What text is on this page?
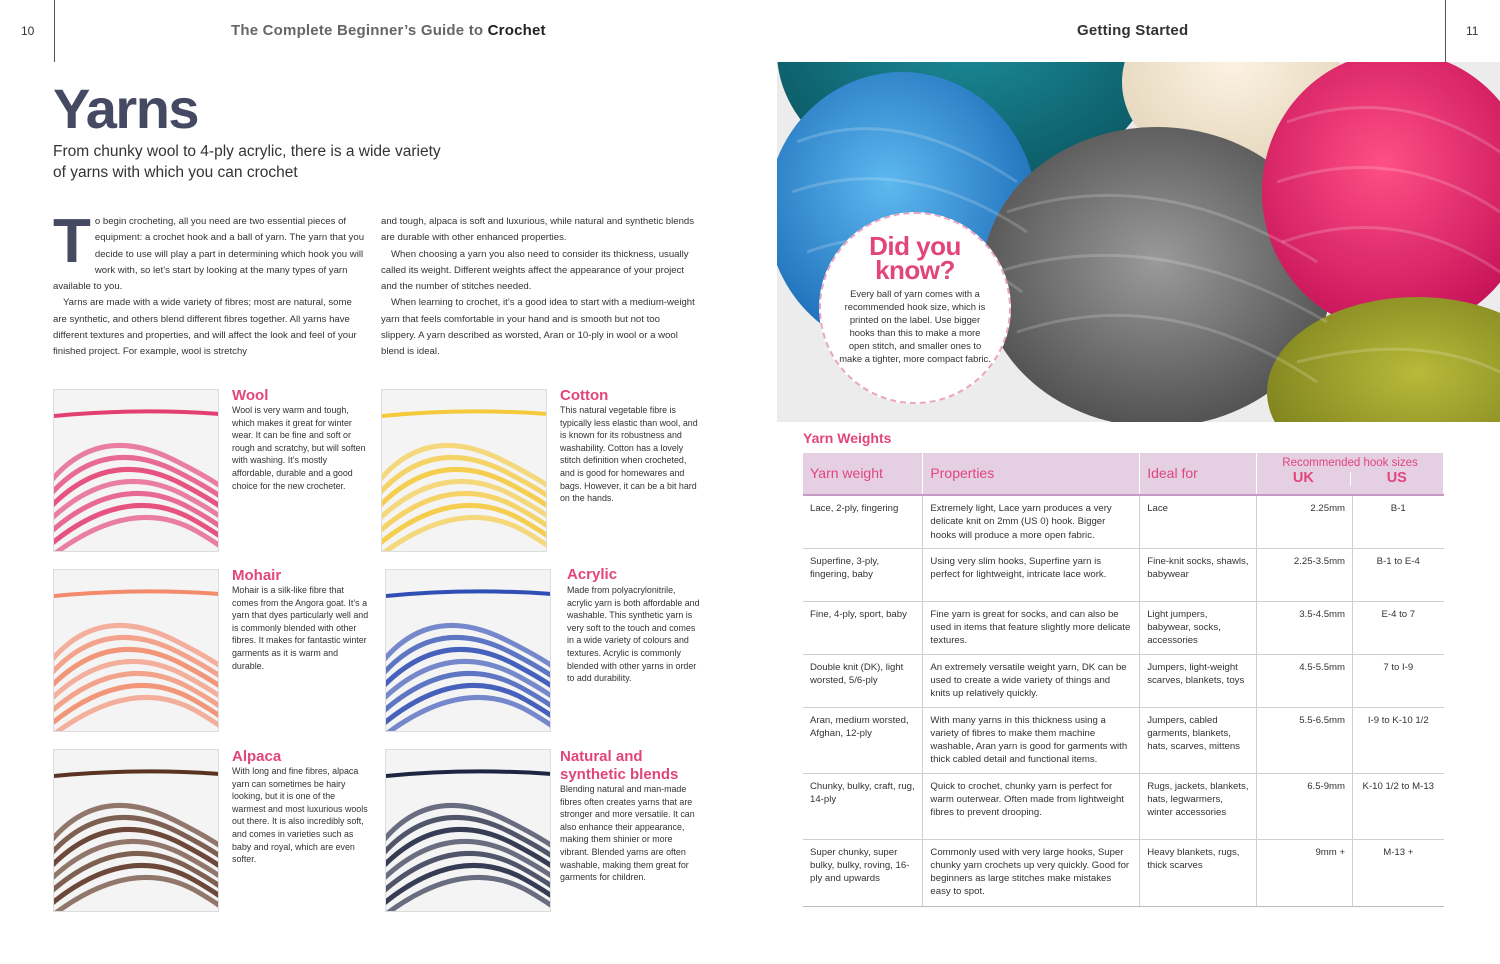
10	The Complete Beginner’s Guide to Crochet	Getting Started	11
Yarns
From chunky wool to 4-ply acrylic, there is a wide variety of yarns with which you can crochet

To begin crocheting, all you need are two essential pieces of equipment: a crochet hook and a ball of yarn. The yarn that you decide to use will play a part in determining which hook you will work with, so let’s start by looking at the many types of yarn available to you.

Yarns are made with a wide variety of fibres; most are natural, some are synthetic, and others blend different fibres together. All yarns have different textures and properties, and will affect the look and feel of your finished project. For example, wool is stretchy

and tough, alpaca is soft and luxurious, while natural and synthetic blends are durable with other enhanced properties.

When choosing a yarn you also need to consider its thickness, usually called its weight. Different weights affect the appearance of your project and the number of stitches needed.

When learning to crochet, it’s a good idea to start with a medium-weight yarn that feels comfortable in your hand and is smooth but not too slippery. A yarn described as worsted, Aran or 10-ply in wool or a wool blend is ideal.

Wool
Wool is very warm and tough, which makes it great for winter wear. It can be fine and soft or rough and scratchy, but will soften with washing. It’s mostly affordable, durable and a good choice for the new crocheter.
Cotton
This natural vegetable fibre is typically less elastic than wool, and is known for its robustness and washability. Cotton has a lovely stitch definition when crocheted, and is good for homewares and bags. However, it can be a bit hard on the hands.
Mohair
Mohair is a silk-like fibre that comes from the Angora goat. It’s a yarn that dyes particularly well and is commonly blended with other fibres. It makes for fantastic winter garments as it is warm and durable.
Acrylic
Made from polyacrylonitrile, acrylic yarn is both affordable and washable. This synthetic yarn is very soft to the touch and comes in a wide variety of colours and textures. Acrylic is commonly blended with other yarns in order to add durability.
Alpaca
With long and fine fibres, alpaca yarn can sometimes be hairy looking, but it is one of the warmest and most luxurious wools out there. It is also incredibly soft, and comes in varieties such as baby and royal, which are even softer.
Natural and synthetic blends
Blending natural and man-made fibres often creates yarns that are stronger and more versatile. It can also enhance their appearance, making them shinier or more vibrant. Blended yarns are often washable, making them great for garments for children.
Did you
know?
Every ball of yarn comes with a recommended hook size, which is printed on the label. Use bigger hooks than this to make a more open stitch, and smaller ones to make a tighter, more compact fabric.
Yarn Weights
Yarn weight	Properties	Ideal for	Recommended hook sizes
UK US	

Lace, 2-ply, fingering	Extremely light, Lace yarn produces a very delicate knit on 2mm (US 0) hook. Bigger hooks will produce a more open fabric.	Lace	2.25mm	B-1
Superfine, 3-ply, fingering, baby	Using very slim hooks, Superfine yarn is perfect for lightweight, intricate lace work.	Fine-knit socks, shawls, babywear	2.25-3.5mm	B-1 to E-4
Fine, 4-ply, sport, baby	Fine yarn is great for socks, and can also be used in items that feature slightly more delicate textures.	Light jumpers, babywear, socks, accessories	3.5-4.5mm	E-4 to 7
Double knit (DK), light worsted, 5/6-ply	An extremely versatile weight yarn, DK can be used to create a wide variety of things and knits up relatively quickly.	Jumpers, light-weight scarves, blankets, toys	4.5-5.5mm	7 to I-9
Aran, medium worsted, Afghan, 12-ply	With many yarns in this thickness using a variety of fibres to make them machine washable, Aran yarn is good for garments with thick cabled detail and functional items.	Jumpers, cabled garments, blankets, hats, scarves, mittens	5.5-6.5mm	I-9 to K-10 1/2
Chunky, bulky, craft, rug, 14-ply	Quick to crochet, chunky yarn is perfect for warm outerwear. Often made from lightweight fibres to prevent drooping.	Rugs, jackets, blankets, hats, legwarmers, winter accessories	6.5-9mm	K-10 1/2 to M-13
Super chunky, super bulky, bulky, roving, 16-ply and upwards	Commonly used with very large hooks, Super chunky yarn crochets up very quickly. Good for beginners as large stitches make mistakes easy to spot.	Heavy blankets, rugs, thick scarves	9mm +	M-13 +
